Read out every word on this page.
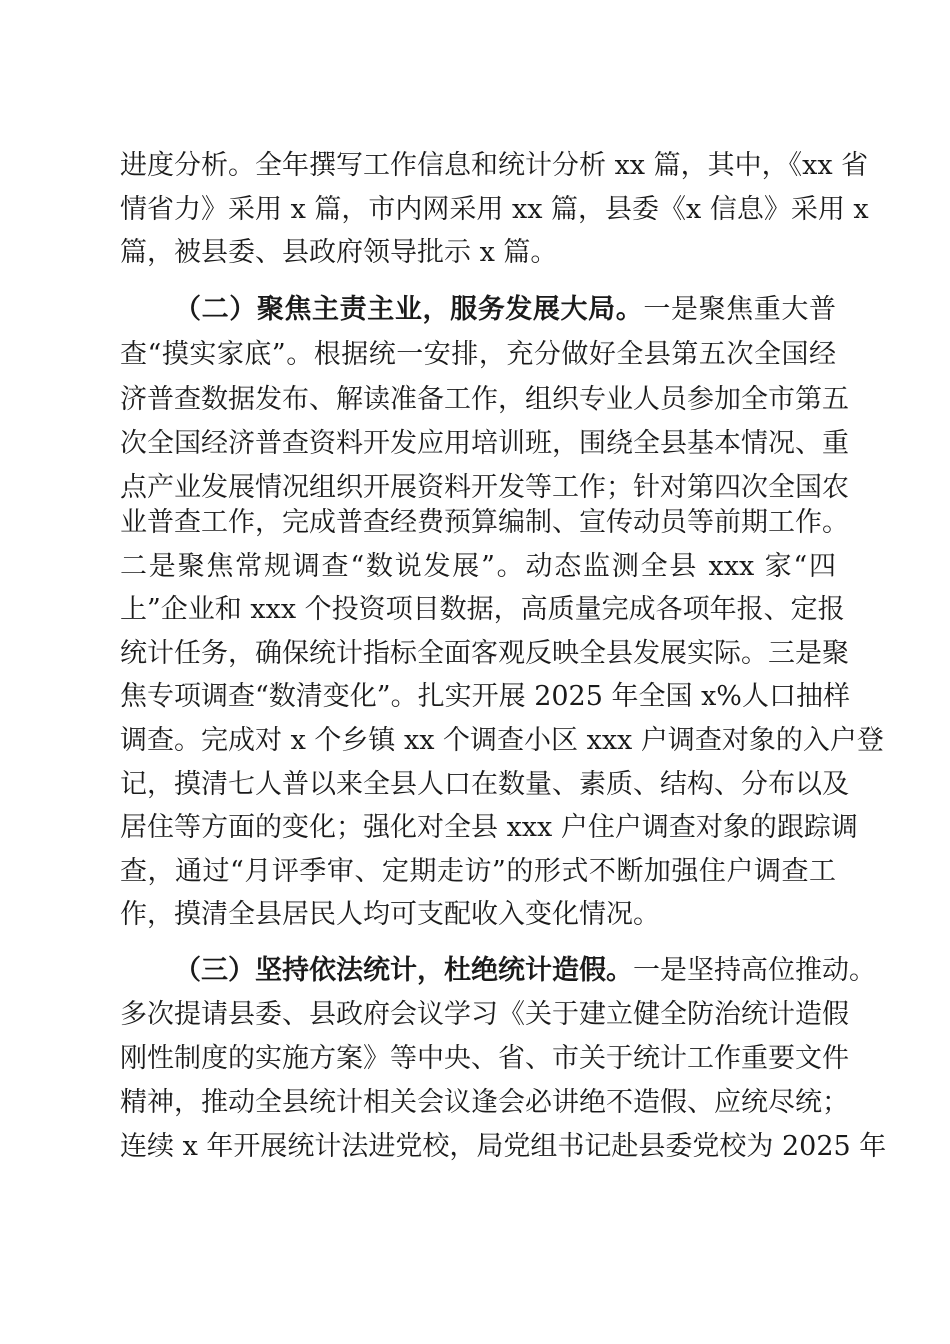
进度分析。全年撰写工作信息和统计分析 xx 篇，其中，《xx 省
情省力》采用 x 篇，市内网采用 xx 篇，县委《x 信息》采用 x
篇，被县委、县政府领导批示 x 篇。
（二）聚焦主责主业，服务发展大局。一是聚焦重大普
查“摸实家底”。根据统一安排，充分做好全县第五次全国经
济普查数据发布、解读准备工作，组织专业人员参加全市第五
次全国经济普查资料开发应用培训班，围绕全县基本情况、重
点产业发展情况组织开展资料开发等工作；针对第四次全国农
业普查工作，完成普查经费预算编制、宣传动员等前期工作。
二是聚焦常规调查“数说发展”。动态监测全县 xxx 家“四
上”企业和 xxx 个投资项目数据，高质量完成各项年报、定报
统计任务，确保统计指标全面客观反映全县发展实际。三是聚
焦专项调查“数清变化”。扎实开展 2025 年全国 x%人口抽样
调查。完成对 x 个乡镇 xx 个调查小区 xxx 户调查对象的入户登
记，摸清七人普以来全县人口在数量、素质、结构、分布以及
居住等方面的变化；强化对全县 xxx 户住户调查对象的跟踪调
查，通过“月评季审、定期走访”的形式不断加强住户调查工
作，摸清全县居民人均可支配收入变化情况。
（三）坚持依法统计，杜绝统计造假。一是坚持高位推动。
多次提请县委、县政府会议学习《关于建立健全防治统计造假
刚性制度的实施方案》等中央、省、市关于统计工作重要文件
精神，推动全县统计相关会议逢会必讲绝不造假、应统尽统；
连续 x 年开展统计法进党校，局党组书记赴县委党校为 2025 年
